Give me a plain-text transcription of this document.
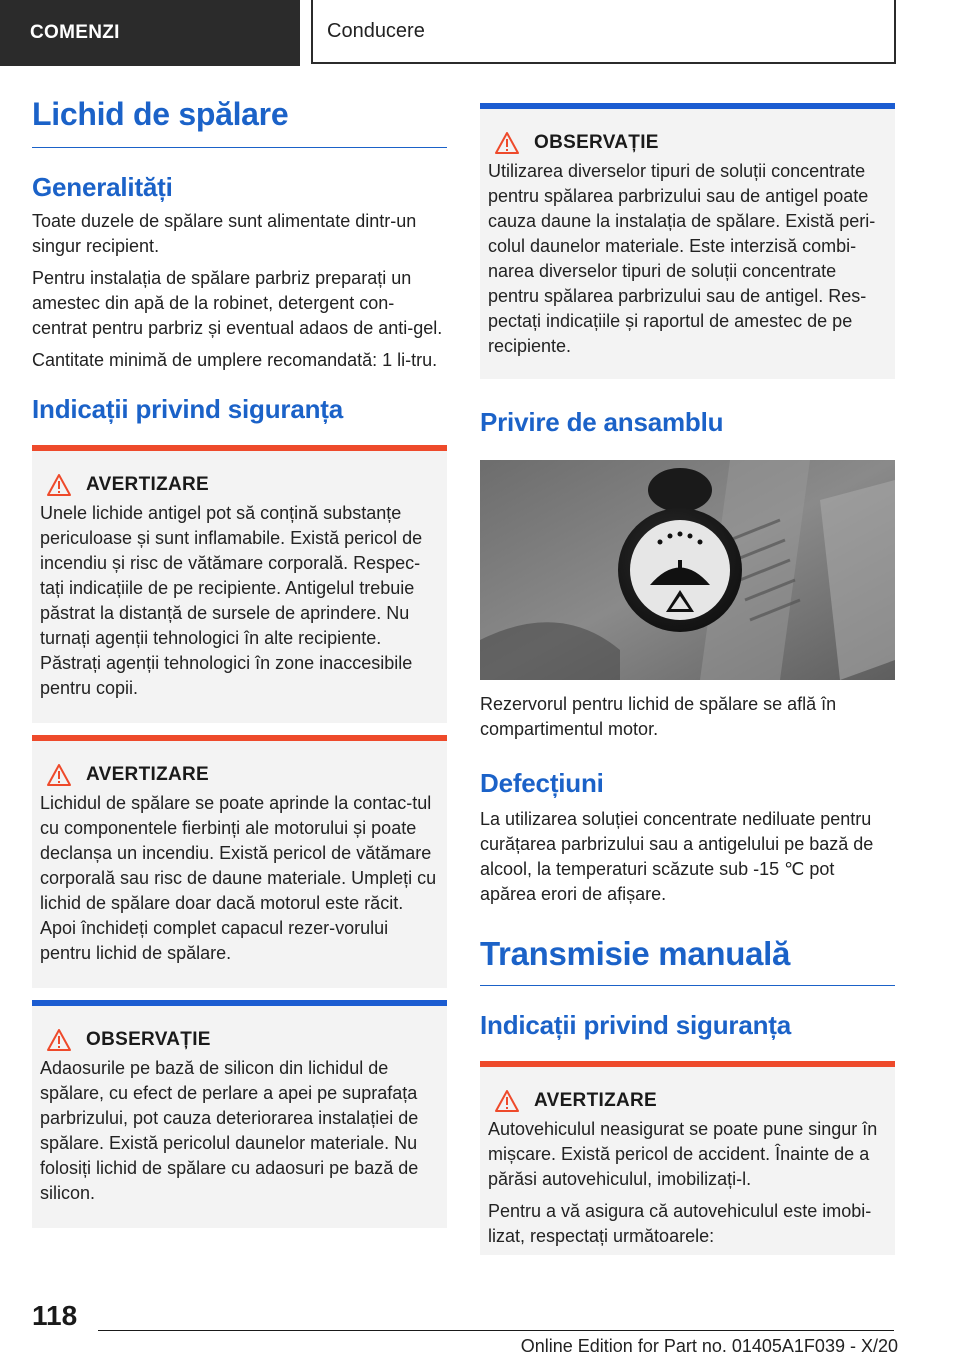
COMENZI	Conducere
Lichid de spălare
Generalități

Toate duzele de spălare sunt alimentate dintr-un singur recipient.

Pentru instalația de spălare parbriz preparați un amestec din apă de la robinet, detergent con-centrat pentru parbriz și eventual adaos de anti-gel.

Cantitate minimă de umplere recomandată: 1 li-tru.

Indicații privind siguranța
AVERTIZARE

Unele lichide antigel pot să conțină substanțe periculoase și sunt inflamabile. Există pericol de incendiu și risc de vătămare corporală. Respec-tați indicațiile de pe recipiente. Antigelul trebuie păstrat la distanță de sursele de aprindere. Nu turnați agenții tehnologici în alte recipiente. Păstrați agenții tehnologici în zone inaccesibile pentru copii.

AVERTIZARE

Lichidul de spălare se poate aprinde la contac-tul cu componentele fierbinți ale motorului și poate declanșa un incendiu. Există pericol de vătămare corporală sau risc de daune materiale. Umpleți cu lichid de spălare doar dacă motorul este răcit. Apoi închideți complet capacul rezer-vorului pentru lichid de spălare.

OBSERVAȚIE

Adaosurile pe bază de silicon din lichidul de spălare, cu efect de perlare a apei pe suprafața parbrizului, pot cauza deteriorarea instalației de spălare. Există pericolul daunelor materiale. Nu folosiți lichid de spălare cu adaosuri pe bază de silicon.

OBSERVAȚIE

Utilizarea diverselor tipuri de soluții concentrate pentru spălarea parbrizului sau de antigel poate cauza daune la instalația de spălare. Există peri-colul daunelor materiale. Este interzisă combi-narea diverselor tipuri de soluții concentrate pentru spălarea parbrizului sau de antigel. Res-pectați indicațiile și raportul de amestec de pe recipiente.

Privire de ansamblu

Rezervorul pentru lichid de spălare se află în compartimentul motor.

Defecțiuni

La utilizarea soluției concentrate nediluate pentru curățarea parbrizului sau a antigelului pe bază de alcool, la temperaturi scăzute sub -15 ℃ pot apărea erori de afișare.

Transmisie manuală
Indicații privind siguranța
AVERTIZARE

Autovehiculul neasigurat se poate pune singur în mișcare. Există pericol de accident. Înainte de a părăsi autovehiculul, imobilizați-l.

Pentru a vă asigura că autovehiculul este imobi-lizat, respectați următoarele:

118
Online Edition for Part no. 01405A1F039 - X/20
